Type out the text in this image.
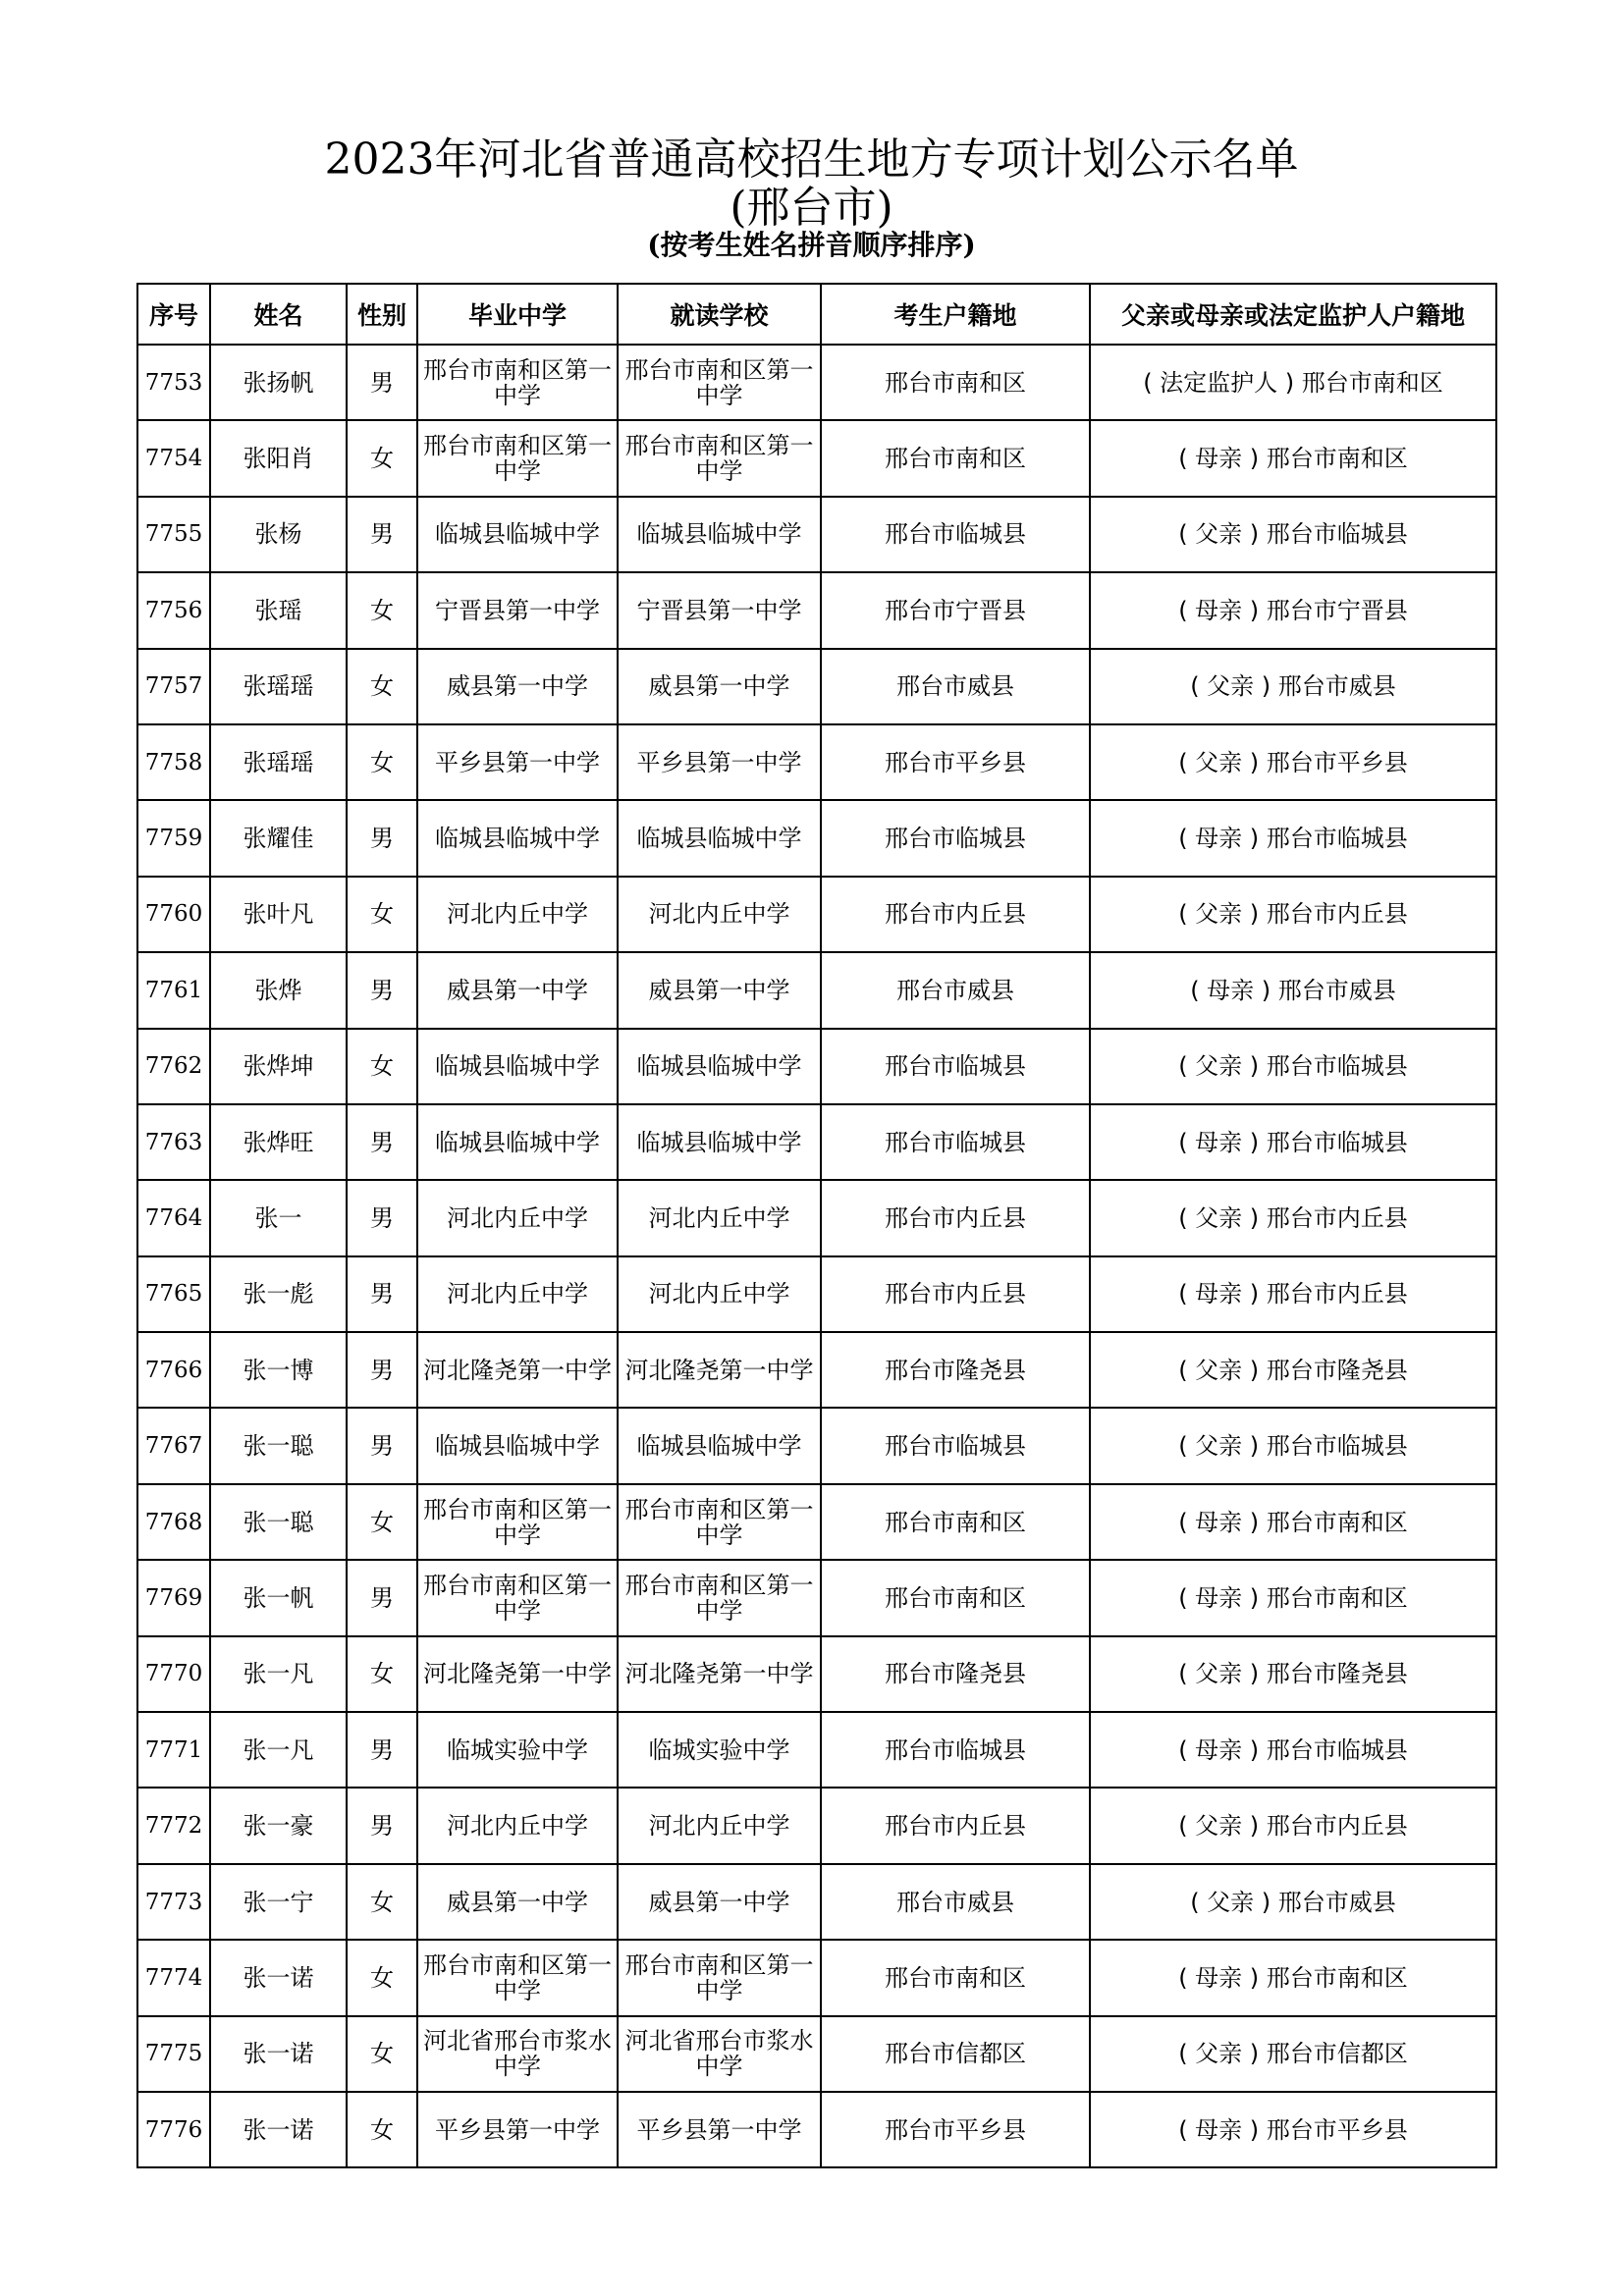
2023年河北省普通高校招生地方专项计划公示名单
(邢台市)
(按考生姓名拼音顺序排序)
序号	姓名	性别	毕业中学	就读学校	考生户籍地	父亲或母亲或法定监护人户籍地
7753	张扬帆	男	邢台市南和区第一中学	邢台市南和区第一中学	邢台市南和区	( 法定监护人 ) 邢台市南和区
7754	张阳肖	女	邢台市南和区第一中学	邢台市南和区第一中学	邢台市南和区	( 母亲 ) 邢台市南和区
7755	张杨	男	临城县临城中学	临城县临城中学	邢台市临城县	( 父亲 ) 邢台市临城县
7756	张瑶	女	宁晋县第一中学	宁晋县第一中学	邢台市宁晋县	( 母亲 ) 邢台市宁晋县
7757	张瑶瑶	女	威县第一中学	威县第一中学	邢台市威县	( 父亲 ) 邢台市威县
7758	张瑶瑶	女	平乡县第一中学	平乡县第一中学	邢台市平乡县	( 父亲 ) 邢台市平乡县
7759	张耀佳	男	临城县临城中学	临城县临城中学	邢台市临城县	( 母亲 ) 邢台市临城县
7760	张叶凡	女	河北内丘中学	河北内丘中学	邢台市内丘县	( 父亲 ) 邢台市内丘县
7761	张烨	男	威县第一中学	威县第一中学	邢台市威县	( 母亲 ) 邢台市威县
7762	张烨坤	女	临城县临城中学	临城县临城中学	邢台市临城县	( 父亲 ) 邢台市临城县
7763	张烨旺	男	临城县临城中学	临城县临城中学	邢台市临城县	( 母亲 ) 邢台市临城县
7764	张一	男	河北内丘中学	河北内丘中学	邢台市内丘县	( 父亲 ) 邢台市内丘县
7765	张一彪	男	河北内丘中学	河北内丘中学	邢台市内丘县	( 母亲 ) 邢台市内丘县
7766	张一博	男	河北隆尧第一中学	河北隆尧第一中学	邢台市隆尧县	( 父亲 ) 邢台市隆尧县
7767	张一聪	男	临城县临城中学	临城县临城中学	邢台市临城县	( 父亲 ) 邢台市临城县
7768	张一聪	女	邢台市南和区第一中学	邢台市南和区第一中学	邢台市南和区	( 母亲 ) 邢台市南和区
7769	张一帆	男	邢台市南和区第一中学	邢台市南和区第一中学	邢台市南和区	( 母亲 ) 邢台市南和区
7770	张一凡	女	河北隆尧第一中学	河北隆尧第一中学	邢台市隆尧县	( 父亲 ) 邢台市隆尧县
7771	张一凡	男	临城实验中学	临城实验中学	邢台市临城县	( 母亲 ) 邢台市临城县
7772	张一豪	男	河北内丘中学	河北内丘中学	邢台市内丘县	( 父亲 ) 邢台市内丘县
7773	张一宁	女	威县第一中学	威县第一中学	邢台市威县	( 父亲 ) 邢台市威县
7774	张一诺	女	邢台市南和区第一中学	邢台市南和区第一中学	邢台市南和区	( 母亲 ) 邢台市南和区
7775	张一诺	女	河北省邢台市浆水中学	河北省邢台市浆水中学	邢台市信都区	( 父亲 ) 邢台市信都区
7776	张一诺	女	平乡县第一中学	平乡县第一中学	邢台市平乡县	( 母亲 ) 邢台市平乡县
